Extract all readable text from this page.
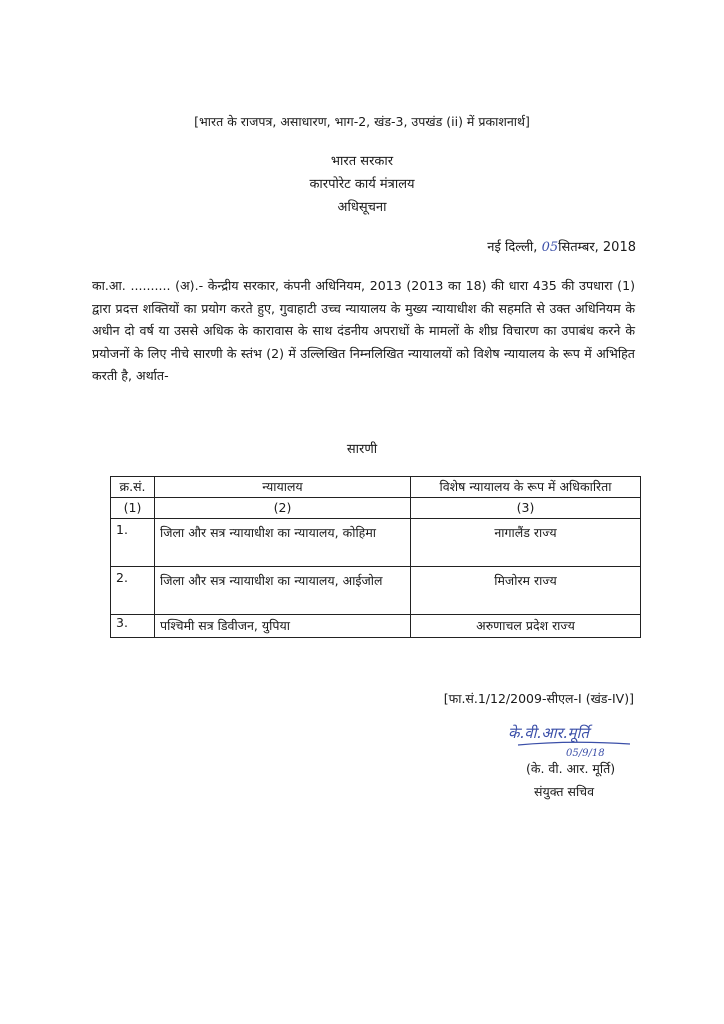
[भारत के राजपत्र, असाधारण, भाग-2, खंड-3, उपखंड (ii) में प्रकाशनार्थ]
भारत सरकार
कारपोरेट कार्य मंत्रालय
अधिसूचना
नई दिल्ली, 05सितम्बर, 2018

का.आ. .......... (अ).- केन्द्रीय सरकार, कंपनी अधिनियम, 2013 (2013 का 18) की धारा 435 की उपधारा (1) द्वारा प्रदत्त शक्तियों का प्रयोग करते हुए, गुवाहाटी उच्च न्यायालय के मुख्य न्यायाधीश की सहमति से उक्त अधिनियम के अधीन दो वर्ष या उससे अधिक के कारावास के साथ दंडनीय अपराधों के मामलों के शीघ्र विचारण का उपाबंध करने के प्रयोजनों के लिए नीचे सारणी के स्तंभ (2) में उल्लिखित निम्नलिखित न्यायालयों को विशेष न्यायालय के रूप में अभिहित करती है, अर्थात-

सारणी
क्र.सं.	न्यायालय	विशेष न्यायालय के रूप में अधिकारिता
(1)	(2)	(3)
1.	जिला और सत्र न्यायाधीश का न्यायालय, कोहिमा	नागालैंड राज्य
2.	जिला और सत्र न्यायाधीश का न्यायालय, आईजोल	मिजोरम राज्य
3.	पश्चिमी सत्र डिवीजन, युपिया	अरुणाचल प्रदेश राज्य
[फा.सं.1/12/2009-सीएल-I (खंड-IV)]
के.वी.आर.मूर्ति
05/9/18
(के. वी. आर. मूर्ति)
संयुक्त सचिव
